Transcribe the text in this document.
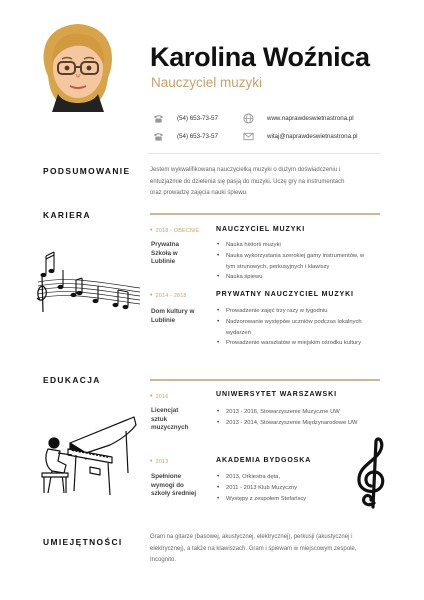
Karolina Woźnica
Nauczyciel muzyki
(54) 653-73-57
(54) 653-73-57
www.naprawdeswietnastrona.pl
witaj@naprawdeswietnastrona.pl
PODSUMOWANIE	Jestem wykwalifikowaną nauczycielką muzyki o dużym doświadczeniu i
entuzjaźmie do dzielenia się pasją do muzyki. Uczę gry na instrumentach
oraz prowadzę zajęcia nauki śpiewu.
KARIERA
• 2018 - OBECNIE NAUCZYCIEL MUZYKI
Prywatna
Szkoła w
Lublinie
• Nauka historii muzyki
• Nauka wykorzystania szerokiej gamy instrumentów, w
tym strunowych, perkusyjnych i klawiszy
• Nauka śpiewu
• 2014 - 2018	PRYWATNY NAUCZYCIEL MUZYKI
Dom kultury w
Lublinie
• Prowadzenie zajęć trzy razy w tygodniu
• Nadzorowanie występów uczniów podczas lokalnych
wydarzeń
• Prowadzenie warsztatów w miejskim ośrodku kultury
EDUKACJA
• 2016	UNIWERSYTET WARSZAWSKI
Licencjat
sztuk
muzycznych
• 2013 - 2016, Stowarzyszenie Muzyczne UW
• 2013 - 2014, Stowarzyszenie Międzynarodowe UW
• 2013	AKADEMIA BYDGOSKA
Spełnione
wymogi do
szkoły średniej
• 2013, Orkiestra dęta,
• 2011 - 2013 Klub Muzyczny
• Występy z zespołem Stefańscy
UMIEJĘTNOŚCI	Gram na gitarze (basowej, akustycznej, elektrycznej), perkusji (akustycznej i
elektrycznej), a także na klawiszach. Gram i śpiewam w miejscowym zespole,
Incognito.
